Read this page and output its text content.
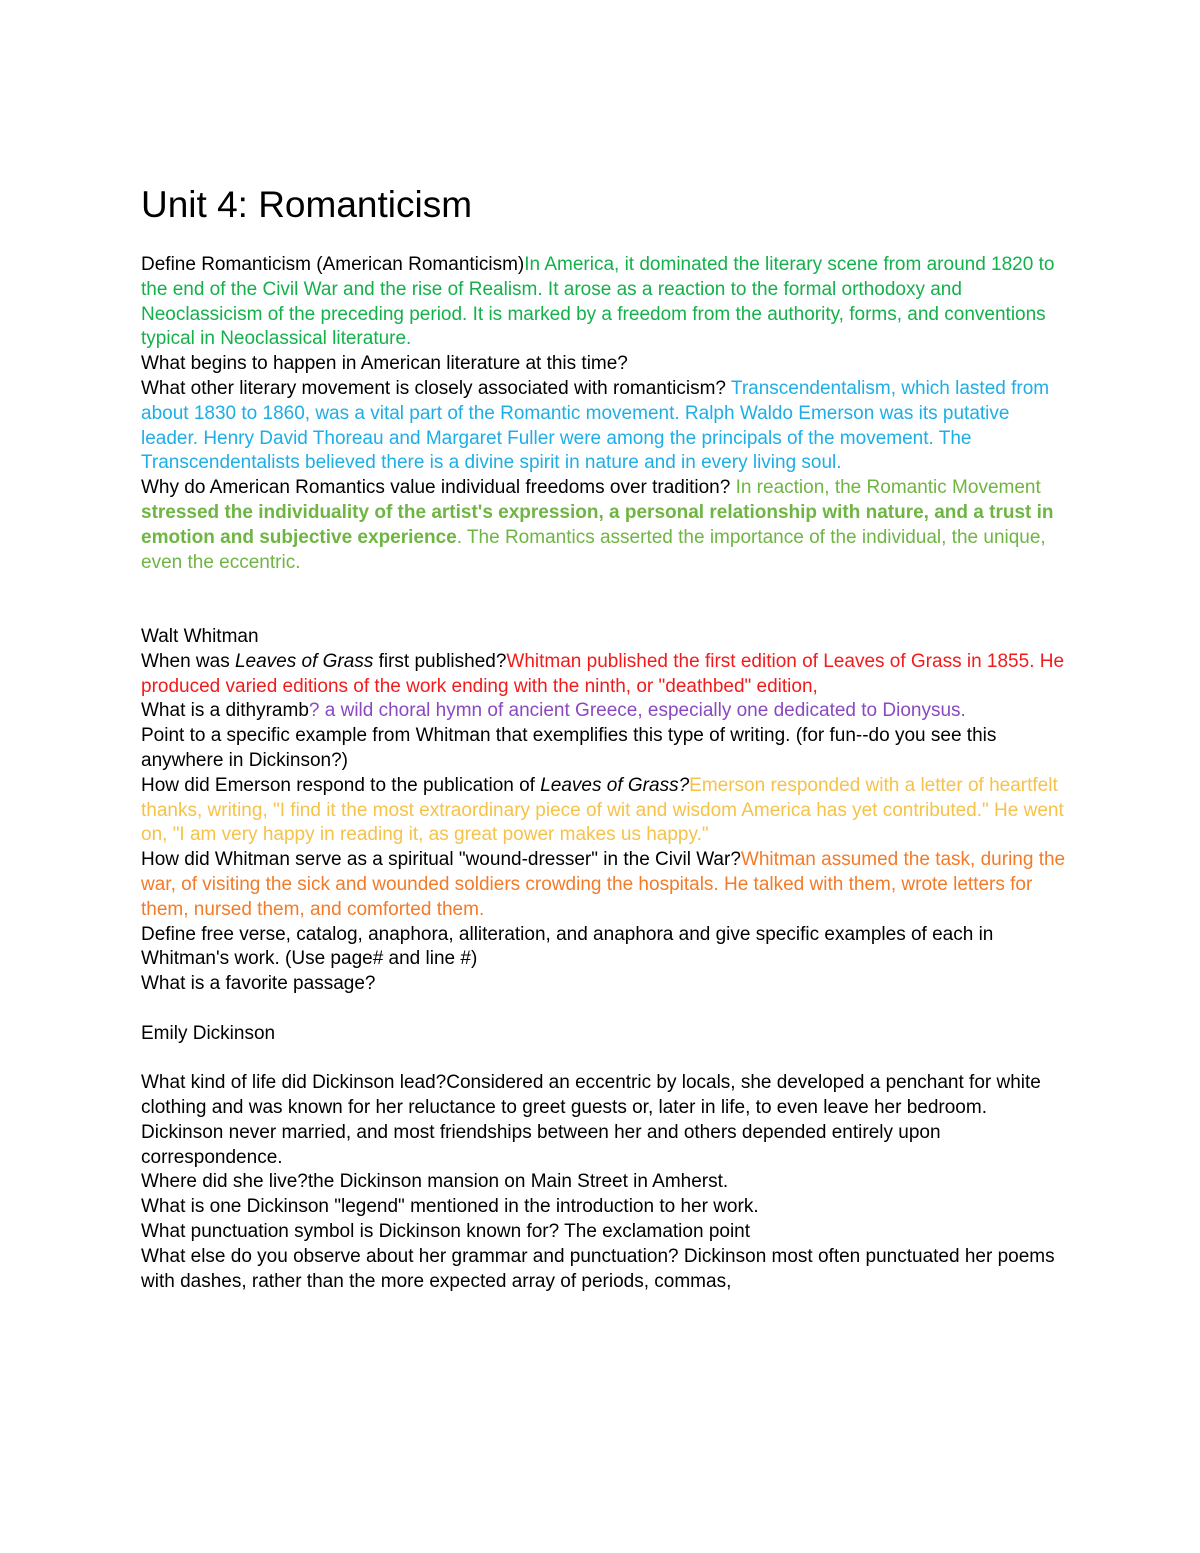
Unit 4: Romanticism

Define Romanticism (American Romanticism)In America, it dominated the literary scene from around 1820 to the end of the Civil War and the rise of Realism. It arose as a reaction to the formal orthodoxy and Neoclassicism of the preceding period. It is marked by a freedom from the authority, forms, and conventions typical in Neoclassical literature.

What begins to happen in American literature at this time?

What other literary movement is closely associated with romanticism? Transcendentalism, which lasted from about 1830 to 1860, was a vital part of the Romantic movement. Ralph Waldo Emerson was its putative leader. Henry David Thoreau and Margaret Fuller were among the principals of the movement. The Transcendentalists believed there is a divine spirit in nature and in every living soul.

Why do American Romantics value individual freedoms over tradition? In reaction, the Romantic Movement stressed the individuality of the artist's expression, a personal relationship with nature, and a trust in emotion and subjective experience. The Romantics asserted the importance of the individual, the unique, even the eccentric.

Walt Whitman

When was Leaves of Grass first published?Whitman published the first edition of Leaves of Grass in 1855. He produced varied editions of the work ending with the ninth, or "deathbed" edition,

What is a dithyramb? a wild choral hymn of ancient Greece, especially one dedicated to Dionysus.

Point to a specific example from Whitman that exemplifies this type of writing. (for fun--do you see this anywhere in Dickinson?)

How did Emerson respond to the publication of Leaves of Grass?Emerson responded with a letter of heartfelt thanks, writing, "I find it the most extraordinary piece of wit and wisdom America has yet contributed." He went on, "I am very happy in reading it, as great power makes us happy."

How did Whitman serve as a spiritual "wound-dresser" in the Civil War?Whitman assumed the task, during the war, of visiting the sick and wounded soldiers crowding the hospitals. He talked with them, wrote letters for them, nursed them, and comforted them.

Define free verse, catalog, anaphora, alliteration, and anaphora and give specific examples of each in Whitman's work. (Use page# and line #)

What is a favorite passage?

Emily Dickinson

What kind of life did Dickinson lead?Considered an eccentric by locals, she developed a penchant for white clothing and was known for her reluctance to greet guests or, later in life, to even leave her bedroom. Dickinson never married, and most friendships between her and others depended entirely upon correspondence.

Where did she live?the Dickinson mansion on Main Street in Amherst.

What is one Dickinson "legend" mentioned in the introduction to her work.

What punctuation symbol is Dickinson known for? The exclamation point

What else do you observe about her grammar and punctuation? Dickinson most often punctuated her poems with dashes, rather than the more expected array of periods, commas,
